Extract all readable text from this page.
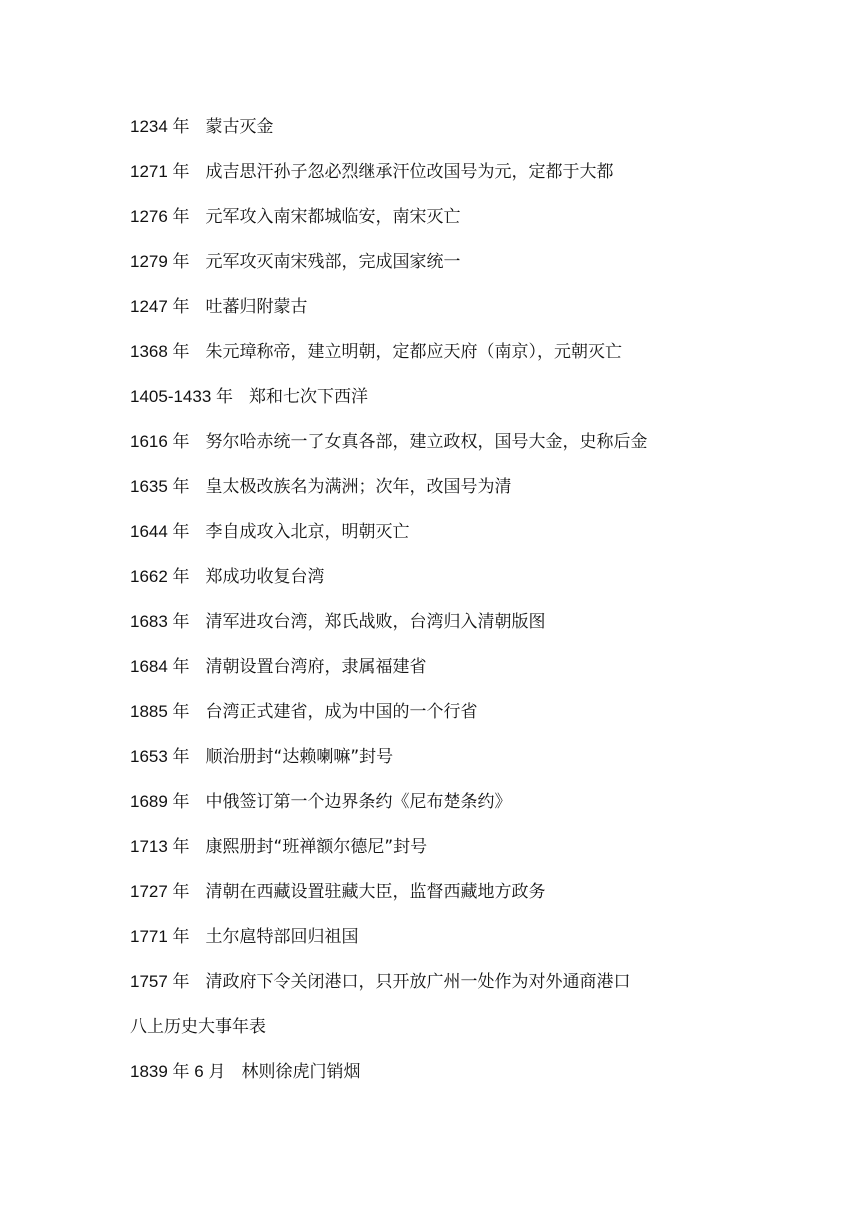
1234 年 蒙古灭金
1271 年 成吉思汗孙子忽必烈继承汗位改国号为元，定都于大都
1276 年 元军攻入南宋都城临安，南宋灭亡
1279 年 元军攻灭南宋残部，完成国家统一
1247 年 吐蕃归附蒙古
1368 年 朱元璋称帝，建立明朝，定都应天府（南京），元朝灭亡
1405-1433 年 郑和七次下西洋
1616 年 努尔哈赤统一了女真各部，建立政权，国号大金，史称后金
1635 年 皇太极改族名为满洲；次年，改国号为清
1644 年 李自成攻入北京，明朝灭亡
1662 年 郑成功收复台湾
1683 年 清军进攻台湾，郑氏战败，台湾归入清朝版图
1684 年 清朝设置台湾府，隶属福建省
1885 年 台湾正式建省，成为中国的一个行省
1653 年 顺治册封“达赖喇嘛”封号
1689 年 中俄签订第一个边界条约《尼布楚条约》
1713 年 康熙册封“班禅额尔德尼”封号
1727 年 清朝在西藏设置驻藏大臣，监督西藏地方政务
1771 年 土尔扈特部回归祖国
1757 年 清政府下令关闭港口，只开放广州一处作为对外通商港口
八上历史大事年表
1839 年 6 月 林则徐虎门销烟
